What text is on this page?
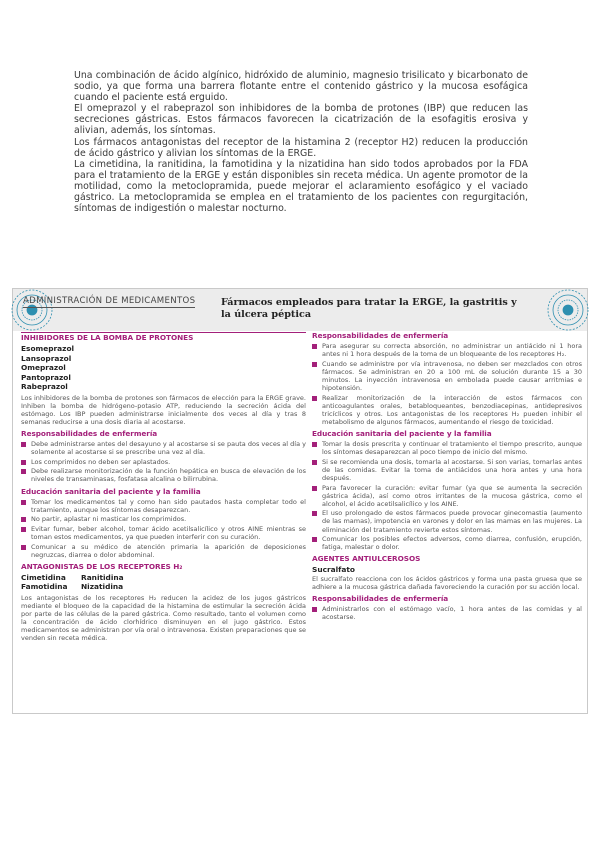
Una combinación de ácido algínico, hidróxido de aluminio, magnesio trisilicato y bicarbonato de sodio, ya que forma una barrera flotante entre el contenido gástrico y la mucosa esofágica cuando el paciente está erguido.

El omeprazol y el rabeprazol son inhibidores de la bomba de protones (IBP) que reducen las secreciones gástricas. Estos fármacos favorecen la cicatrización de la esofagitis erosiva y alivian, además, los síntomas.

Los fármacos antagonistas del receptor de la histamina 2 (receptor H2) reducen la producción de ácido gástrico y alivian los síntomas de la ERGE.

La cimetidina, la ranitidina, la famotidina y la nizatidina han sido todos aprobados por la FDA para el tratamiento de la ERGE y están disponibles sin receta médica. Un agente promotor de la motilidad, como la metoclopramida, puede mejorar el aclaramiento esofágico y el vaciado gástrico. La metoclopramida se emplea en el tratamiento de los pacientes con regurgitación, síntomas de indigestión o malestar nocturno.

ADMINISTRACIÓN DE MEDICAMENTOS	Fármacos empleados para tratar la ERGE, la gastritis y la úlcera péptica
INHIBIDORES DE LA BOMBA DE PROTONES
Esomeprazol
Lansoprazol
Omeprazol
Pantoprazol
Rabeprazol

Los inhibidores de la bomba de protones son fármacos de elección para la ERGE grave. Inhiben la bomba de hidrógeno-potasio ATP, reduciendo la secreción ácida del estómago. Los IBP pueden administrarse inicialmente dos veces al día y tras 8 semanas reducirse a una dosis diaria al acostarse.

Responsabilidades de enfermería
Debe administrarse antes del desayuno y al acostarse si se pauta dos veces al día y solamente al acostarse si se prescribe una vez al día.
Los comprimidos no deben ser aplastados.
Debe realizarse monitorización de la función hepática en busca de elevación de los niveles de transaminasas, fosfatasa alcalina o bilirrubina.
Educación sanitaria del paciente y la familia
Tomar los medicamentos tal y como han sido pautados hasta completar todo el tratamiento, aunque los síntomas desaparezcan.
No partir, aplastar ni masticar los comprimidos.
Evitar fumar, beber alcohol, tomar ácido acetilsalicílico y otros AINE mientras se toman estos medicamentos, ya que pueden interferir con su curación.
Comunicar a su médico de atención primaria la aparición de deposiciones negruzcas, diarrea o dolor abdominal.
ANTAGONISTAS DE LOS RECEPTORES H₂
Cimetidina	Ranitidina
Famotidina	Nizatidina

Los antagonistas de los receptores H₂ reducen la acidez de los jugos gástricos mediante el bloqueo de la capacidad de la histamina de estimular la secreción ácida por parte de las células de la pared gástrica. Como resultado, tanto el volumen como la concentración de ácido clorhídrico disminuyen en el jugo gástrico. Estos medicamentos se administran por vía oral o intravenosa. Existen preparaciones que se venden sin receta médica.

Responsabilidades de enfermería
Para asegurar su correcta absorción, no administrar un antiácido ni 1 hora antes ni 1 hora después de la toma de un bloqueante de los receptores H₂.
Cuando se administre por vía intravenosa, no deben ser mezclados con otros fármacos. Se administran en 20 a 100 mL de solución durante 15 a 30 minutos. La inyección intravenosa en embolada puede causar arritmias e hipotensión.
Realizar monitorización de la interacción de estos fármacos con anticoagulantes orales, betabloqueantes, benzodiacepinas, antidepresivos tricíclicos y otros. Los antagonistas de los receptores H₂ pueden inhibir el metabolismo de algunos fármacos, aumentando el riesgo de toxicidad.
Educación sanitaria del paciente y la familia
Tomar la dosis prescrita y continuar el tratamiento el tiempo prescrito, aunque los síntomas desaparezcan al poco tiempo de inicio del mismo.
Si se recomienda una dosis, tomarla al acostarse. Si son varias, tomarlas antes de las comidas. Evitar la toma de antiácidos una hora antes y una hora después.
Para favorecer la curación: evitar fumar (ya que se aumenta la secreción gástrica ácida), así como otros irritantes de la mucosa gástrica, como el alcohol, el ácido acetilsalicílico y los AINE.
El uso prolongado de estos fármacos puede provocar ginecomastia (aumento de las mamas), impotencia en varones y dolor en las mamas en las mujeres. La eliminación del tratamiento revierte estos síntomas.
Comunicar los posibles efectos adversos, como diarrea, confusión, erupción, fatiga, malestar o dolor.
AGENTES ANTIULCEROSOS
Sucralfato

El sucralfato reacciona con los ácidos gástricos y forma una pasta gruesa que se adhiere a la mucosa gástrica dañada favoreciendo la curación por su acción local.

Responsabilidades de enfermería
Administrarlos con el estómago vacío, 1 hora antes de las comidas y al acostarse.
